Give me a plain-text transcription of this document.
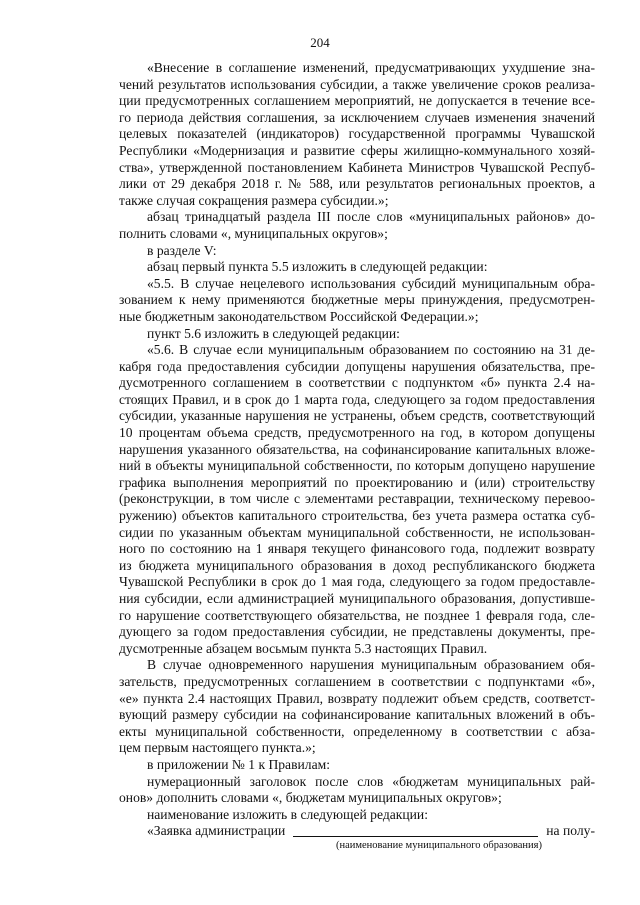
204
«Внесение в соглашение изменений, предусматривающих ухудшение зна-
чений результатов использования субсидии, а также увеличение сроков реализа-
ции предусмотренных соглашением мероприятий, не допускается в течение все-
го периода действия соглашения, за исключением случаев изменения значений
целевых показателей (индикаторов) государственной программы Чувашской
Республики «Модернизация и развитие сферы жилищно-коммунального хозяй-
ства», утвержденной постановлением Кабинета Министров Чувашской Респуб-
лики от 29 декабря 2018 г. № 588, или результатов региональных проектов, а
также случая сокращения размера субсидии.»;
абзац тринадцатый раздела III после слов «муниципальных районов» до-
полнить словами «, муниципальных округов»;
в разделе V:
абзац первый пункта 5.5 изложить в следующей редакции:
«5.5. В случае нецелевого использования субсидий муниципальным обра-
зованием к нему применяются бюджетные меры принуждения, предусмотрен-
ные бюджетным законодательством Российской Федерации.»;
пункт 5.6 изложить в следующей редакции:
«5.6. В случае если муниципальным образованием по состоянию на 31 де-
кабря года предоставления субсидии допущены нарушения обязательства, пре-
дусмотренного соглашением в соответствии с подпунктом «б» пункта 2.4 на-
стоящих Правил, и в срок до 1 марта года, следующего за годом предоставления
субсидии, указанные нарушения не устранены, объем средств, соответствующий
10 процентам объема средств, предусмотренного на год, в котором допущены
нарушения указанного обязательства, на софинансирование капитальных вложе-
ний в объекты муниципальной собственности, по которым допущено нарушение
графика выполнения мероприятий по проектированию и (или) строительству
(реконструкции, в том числе с элементами реставрации, техническому перевоо-
ружению) объектов капитального строительства, без учета размера остатка суб-
сидии по указанным объектам муниципальной собственности, не использован-
ного по состоянию на 1 января текущего финансового года, подлежит возврату
из бюджета муниципального образования в доход республиканского бюджета
Чувашской Республики в срок до 1 мая года, следующего за годом предоставле-
ния субсидии, если администрацией муниципального образования, допустивше-
го нарушение соответствующего обязательства, не позднее 1 февраля года, сле-
дующего за годом предоставления субсидии, не представлены документы, пре-
дусмотренные абзацем восьмым пункта 5.3 настоящих Правил.
В случае одновременного нарушения муниципальным образованием обя-
зательств, предусмотренных соглашением в соответствии с подпунктами «б»,
«е» пункта 2.4 настоящих Правил, возврату подлежит объем средств, соответст-
вующий размеру субсидии на софинансирование капитальных вложений в объ-
екты муниципальной собственности, определенному в соответствии с абза-
цем первым настоящего пункта.»;
в приложении № 1 к Правилам:
нумерационный заголовок после слов «бюджетам муниципальных рай-
онов» дополнить словами «, бюджетам муниципальных округов»;
наименование изложить в следующей редакции:
«Заявка администрации	на полу-
(наименование муниципального образования)
